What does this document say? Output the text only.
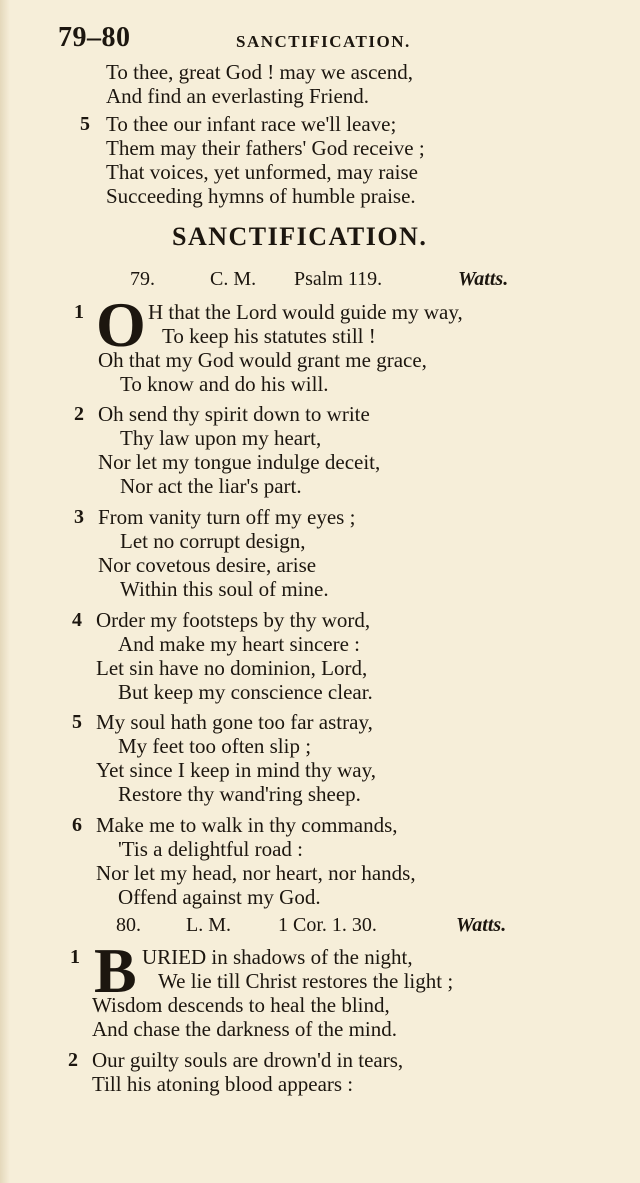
79–80	SANCTIFICATION.
To thee, great God ! may we ascend,
And find an everlasting Friend.
5 To thee our infant race we'll leave;
Them may their fathers' God receive ;
That voices, yet unformed, may raise
Succeeding hymns of humble praise.
SANCTIFICATION.
79.	C. M. Psalm 119.	Watts.
1 O H that the Lord would guide my way,
To keep his statutes still !
Oh that my God would grant me grace,
To know and do his will.
2 Oh send thy spirit down to write
Thy law upon my heart,
Nor let my tongue indulge deceit,
Nor act the liar's part.
3 From vanity turn off my eyes ;
Let no corrupt design,
Nor covetous desire, arise
Within this soul of mine.
4 Order my footsteps by thy word,
And make my heart sincere :
Let sin have no dominion, Lord,
But keep my conscience clear.
5 My soul hath gone too far astray,
My feet too often slip ;
Yet since I keep in mind thy way,
Restore thy wand'ring sheep.
6 Make me to walk in thy commands,
'Tis a delightful road :
Nor let my head, nor heart, nor hands,
Offend against my God.
80. L. M. 1 Cor. 1. 30.	Watts.
1 B URIED in shadows of the night,
We lie till Christ restores the light ;
Wisdom descends to heal the blind,
And chase the darkness of the mind.
2 Our guilty souls are drown'd in tears,
Till his atoning blood appears :
